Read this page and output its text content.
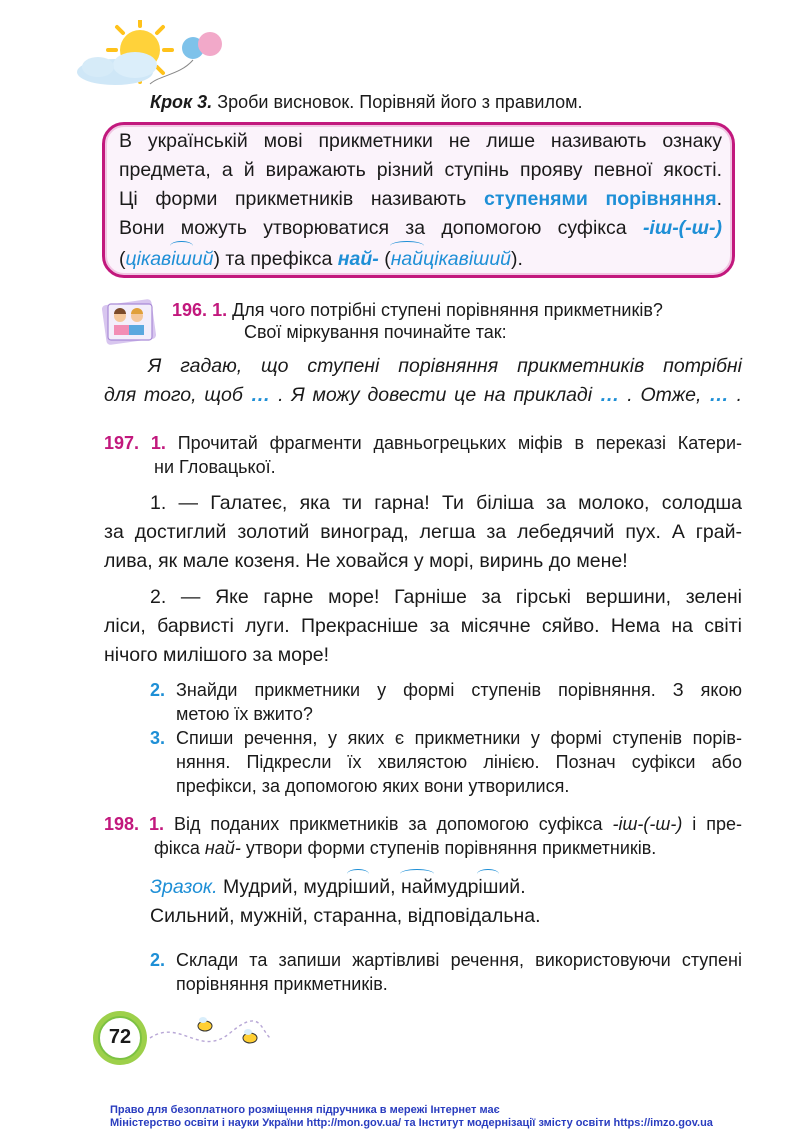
Крок 3. Зроби висновок. Порівняй його з правилом.

В українській мові прикметники не лише називають ознаку

предмета, а й виражають різний ступінь прояву певної якості.

Ці форми прикметників називають ступенями порівняння.

Вони можуть утворюватися за допомогою суфікса -іш-(-ш-)

(цікавіший) та префікса най- (найцікавіший).

196. 1. Для чого потрібні ступені порівняння прикметників?

Свої міркування починайте так:

Я гадаю, що ступені порівняння прикметників потрібні

для того, щоб … . Я можу довести це на прикладі … . Отже, … .

197. 1. Прочитай фрагменти давньогрецьких міфів в переказі Катери-

ни Гловацької.

1. — Галатеє, яка ти гарна! Ти біліша за молоко, солодша

за достиглий золотий виноград, легша за лебедячий пух. А грай-

лива, як мале козеня. Не ховайся у морі, виринь до мене!

2. — Яке гарне море! Гарніше за гірські вершини, зелені

ліси, барвисті луги. Прекрасніше за місячне сяйво. Нема на світі

нічого милішого за море!

2. Знайди прикметники у формі ступенів порівняння. З якою

метою їх вжито?

3. Спиши речення, у яких є прикметники у формі ступенів порів-

няння. Підкресли їх хвилястою лінією. Познач суфікси або

префікси, за допомогою яких вони утворилися.

198. 1. Від поданих прикметників за допомогою суфікса -іш-(-ш-) і пре-

фікса най- утвори форми ступенів порівняння прикметників.

Зразок. Мудрий, мудріший, наймудріший.

Сильний, мужній, старанна, відповідальна.

2. Склади та запиши жартівливі речення, використовуючи ступені

порівняння прикметників.

72

Право для безоплатного розміщення підручника в мережі Інтернет має

Міністерство освіти і науки України http://mon.gov.ua/ та Інститут модернізації змісту освіти https://imzo.gov.ua
